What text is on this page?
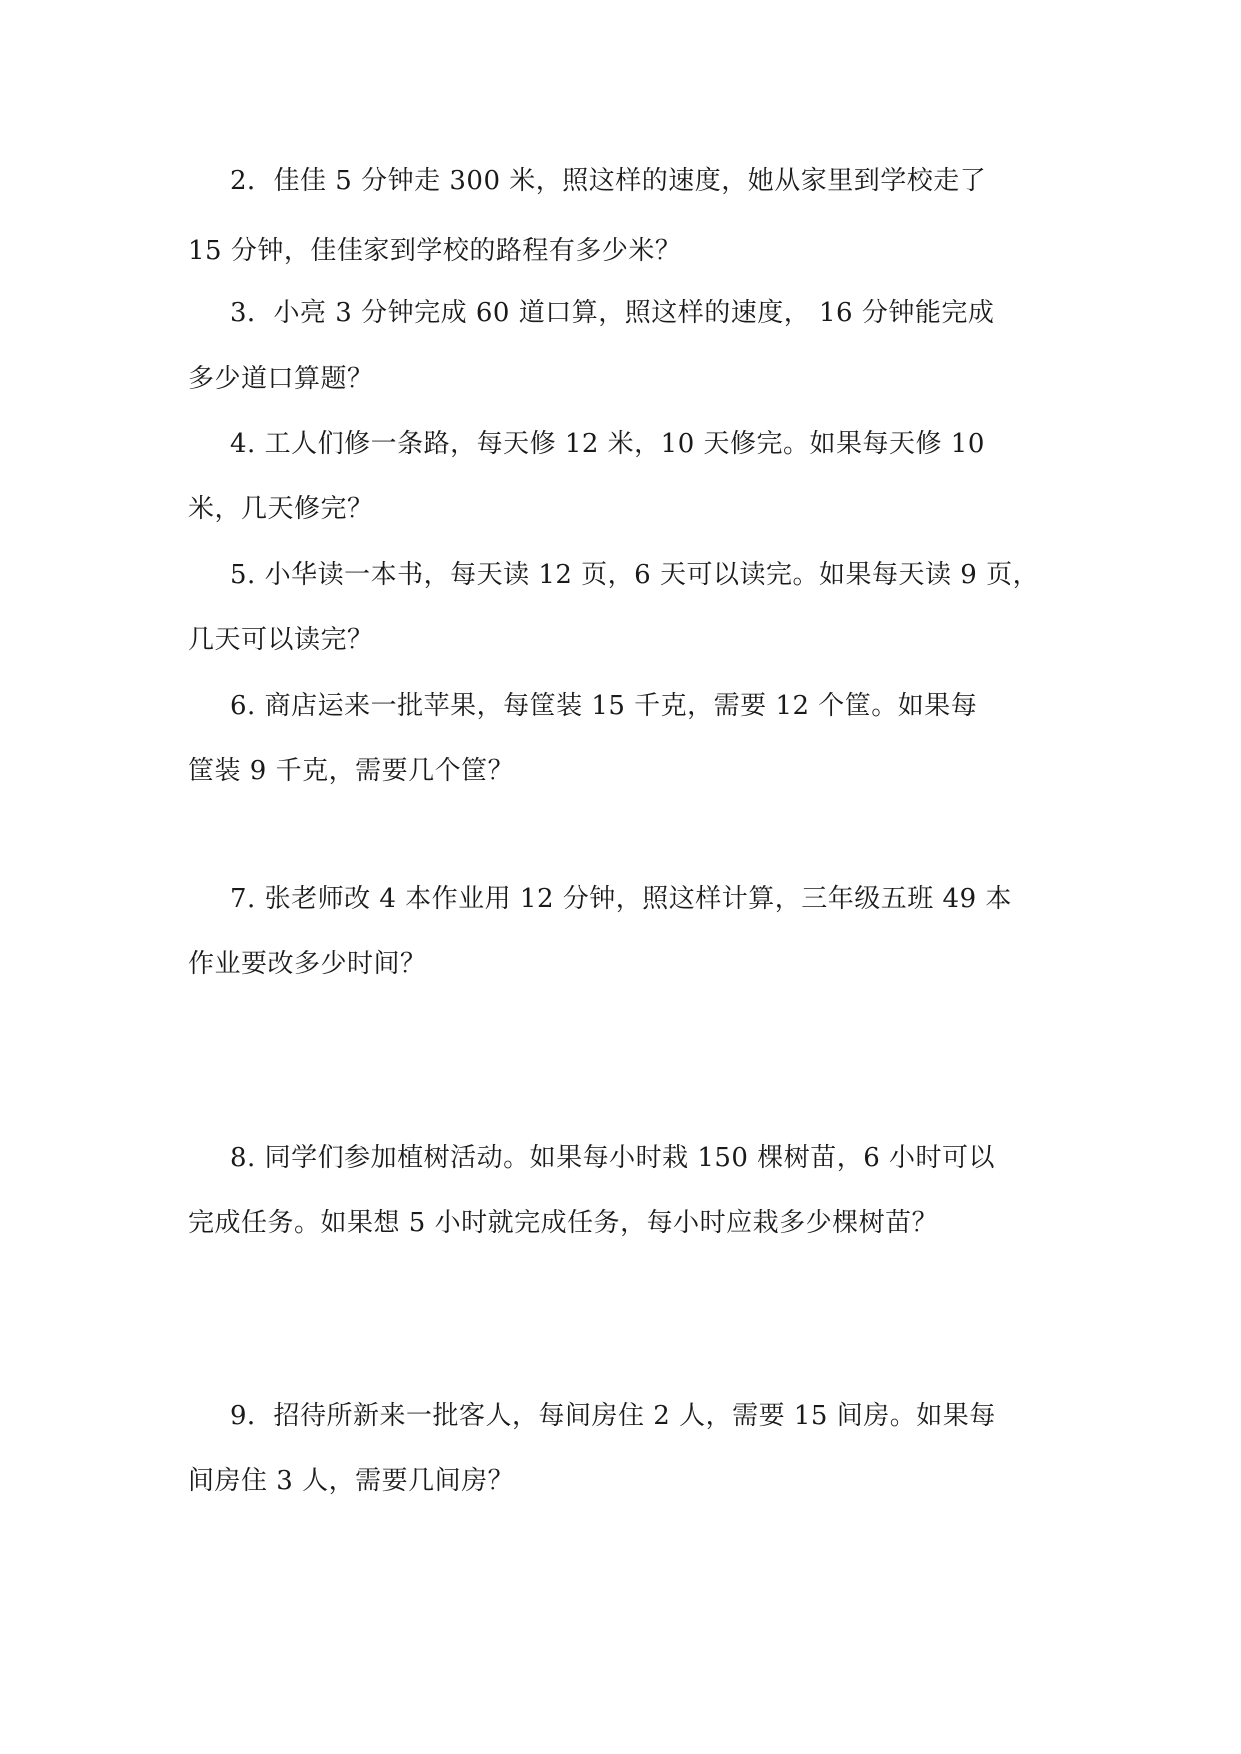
2．佳佳 5 分钟走 300 米，照这样的速度，她从家里到学校走了
15 分钟，佳佳家到学校的路程有多少米？
3．小亮 3 分钟完成 60 道口算，照这样的速度， 16 分钟能完成
多少道口算题？
4. 工人们修一条路，每天修 12 米，10 天修完。如果每天修 10
米，几天修完？
5. 小华读一本书，每天读 12 页，6 天可以读完。如果每天读 9 页，
几天可以读完？
6. 商店运来一批苹果，每筐装 15 千克，需要 12 个筐。如果每
筐装 9 千克，需要几个筐？
7. 张老师改 4 本作业用 12 分钟，照这样计算，三年级五班 49 本
作业要改多少时间？
8. 同学们参加植树活动。如果每小时栽 150 棵树苗，6 小时可以
完成任务。如果想 5 小时就完成任务，每小时应栽多少棵树苗？
9．招待所新来一批客人，每间房住 2 人，需要 15 间房。如果每
间房住 3 人，需要几间房？
